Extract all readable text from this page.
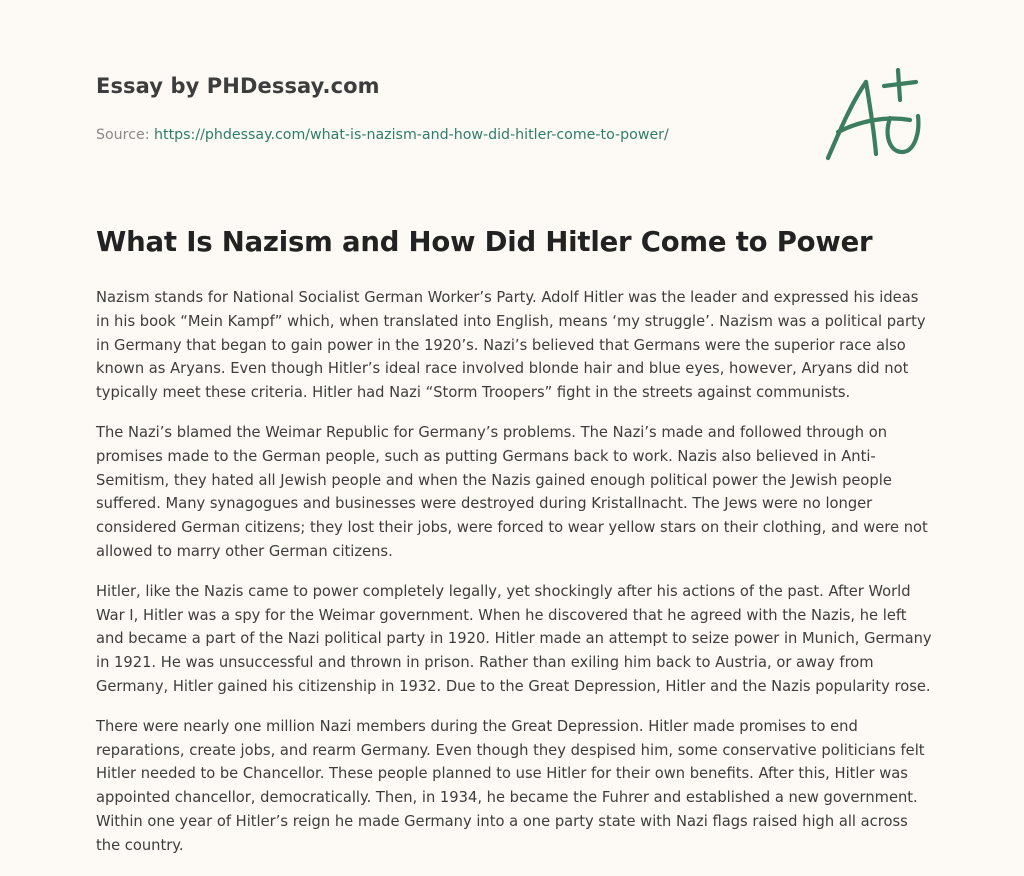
Essay by PHDessay.com
Source: https://phdessay.com/what-is-nazism-and-how-did-hitler-come-to-power/
What Is Nazism and How Did Hitler Come to Power

Nazism stands for National Socialist German Worker’s Party. Adolf Hitler was the leader and expressed his ideas in his book “Mein Kampf” which, when translated into English, means ‘my struggle’. Nazism was a political party in Germany that began to gain power in the 1920’s. Nazi’s believed that Germans were the superior race also known as Aryans. Even though Hitler’s ideal race involved blonde hair and blue eyes, however, Aryans did not typically meet these criteria. Hitler had Nazi “Storm Troopers” fight in the streets against communists.

The Nazi’s blamed the Weimar Republic for Germany’s problems. The Nazi’s made and followed through on promises made to the German people, such as putting Germans back to work. Nazis also believed in Anti-Semitism, they hated all Jewish people and when the Nazis gained enough political power the Jewish people suffered. Many synagogues and businesses were destroyed during Kristallnacht. The Jews were no longer considered German citizens; they lost their jobs, were forced to wear yellow stars on their clothing, and were not allowed to marry other German citizens.

Hitler, like the Nazis came to power completely legally, yet shockingly after his actions of the past. After World War I, Hitler was a spy for the Weimar government. When he discovered that he agreed with the Nazis, he left and became a part of the Nazi political party in 1920. Hitler made an attempt to seize power in Munich, Germany in 1921. He was unsuccessful and thrown in prison. Rather than exiling him back to Austria, or away from Germany, Hitler gained his citizenship in 1932. Due to the Great Depression, Hitler and the Nazis popularity rose.

There were nearly one million Nazi members during the Great Depression. Hitler made promises to end reparations, create jobs, and rearm Germany. Even though they despised him, some conservative politicians felt Hitler needed to be Chancellor. These people planned to use Hitler for their own benefits. After this, Hitler was appointed chancellor, democratically. Then, in 1934, he became the Fuhrer and established a new government. Within one year of Hitler’s reign he made Germany into a one party state with Nazi flags raised high all across the country.
